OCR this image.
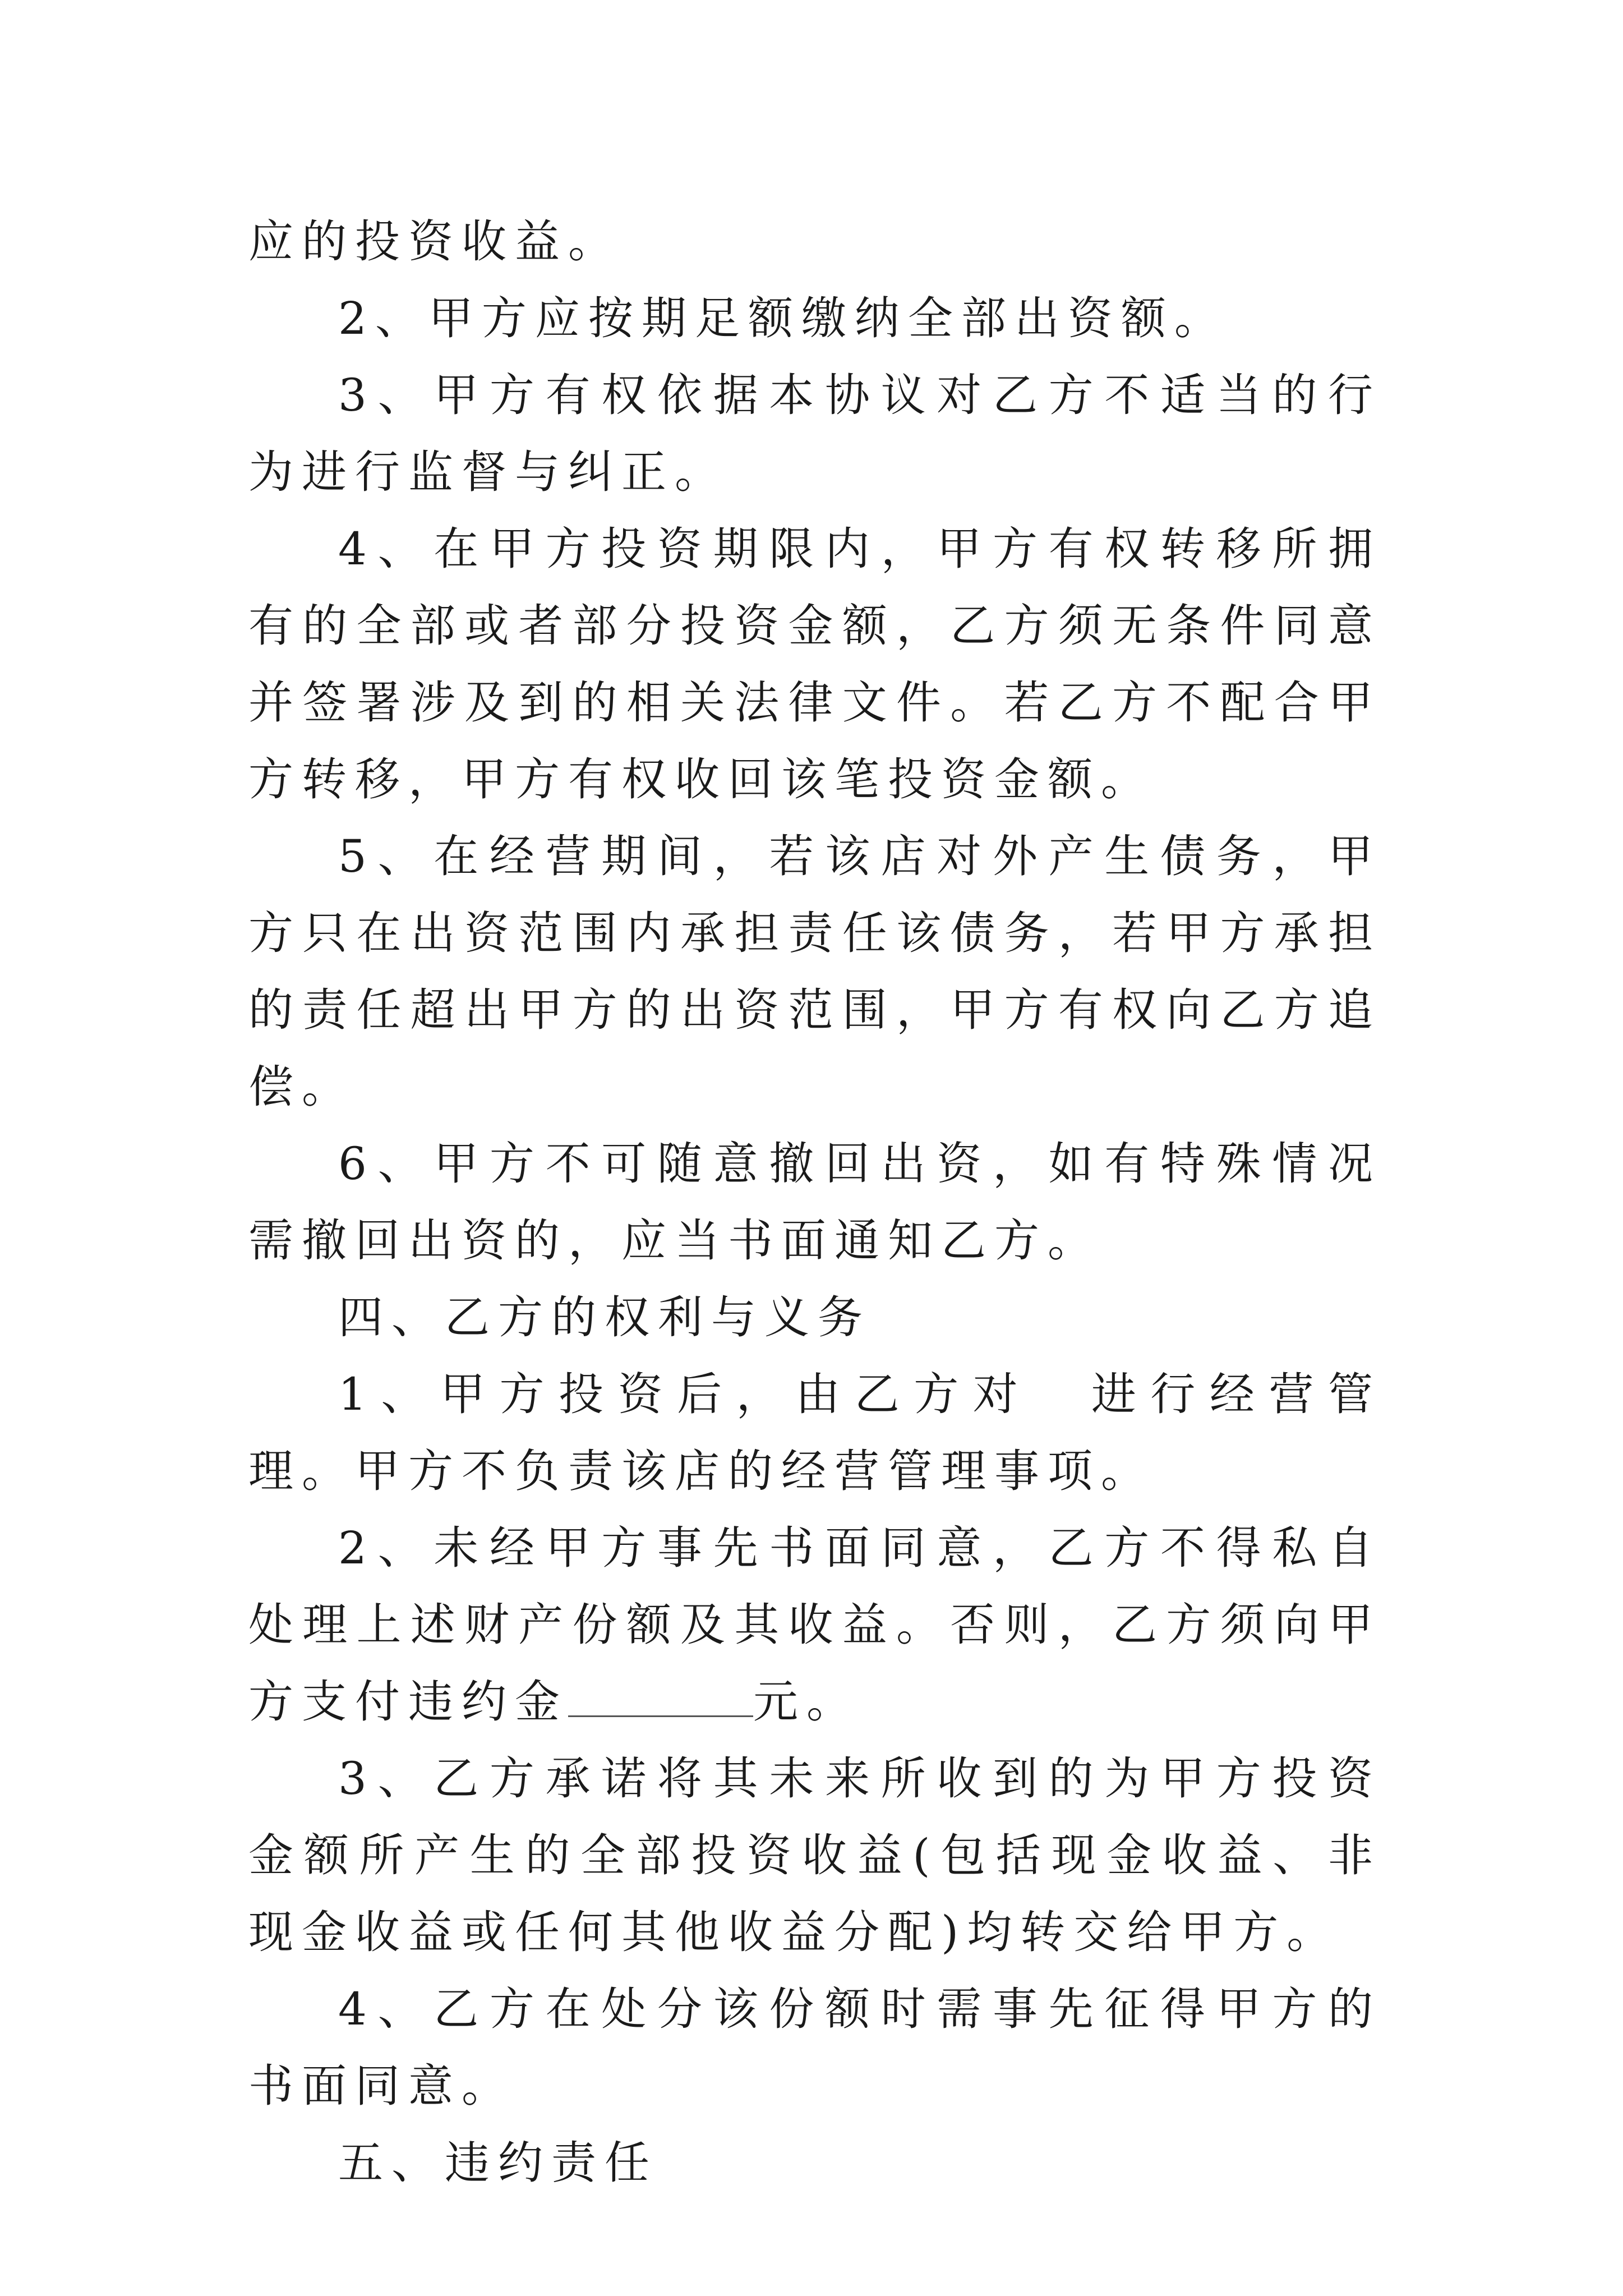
应的投资收益。

2、甲方应按期足额缴纳全部出资额。

3、甲方有权依据本协议对乙方不适当的行为进行监督与纠正。

4、在甲方投资期限内，甲方有权转移所拥有的全部或者部分投资金额，乙方须无条件同意并签署涉及到的相关法律文件。若乙方不配合甲方转移，甲方有权收回该笔投资金额。

5、在经营期间，若该店对外产生债务，甲方只在出资范围内承担责任该债务，若甲方承担的责任超出甲方的出资范围，甲方有权向乙方追偿。

6、甲方不可随意撤回出资，如有特殊情况需撤回出资的，应当书面通知乙方。

四、乙方的权利与义务

1、甲方投资后，由乙方对　进行经营管理。甲方不负责该店的经营管理事项。

2、未经甲方事先书面同意，乙方不得私自处理上述财产份额及其收益。否则，乙方须向甲方支付违约金	元。

3、乙方承诺将其未来所收到的为甲方投资金额所产生的全部投资收益(包括现金收益、非现金收益或任何其他收益分配)均转交给甲方。

4、乙方在处分该份额时需事先征得甲方的书面同意。

五、违约责任
